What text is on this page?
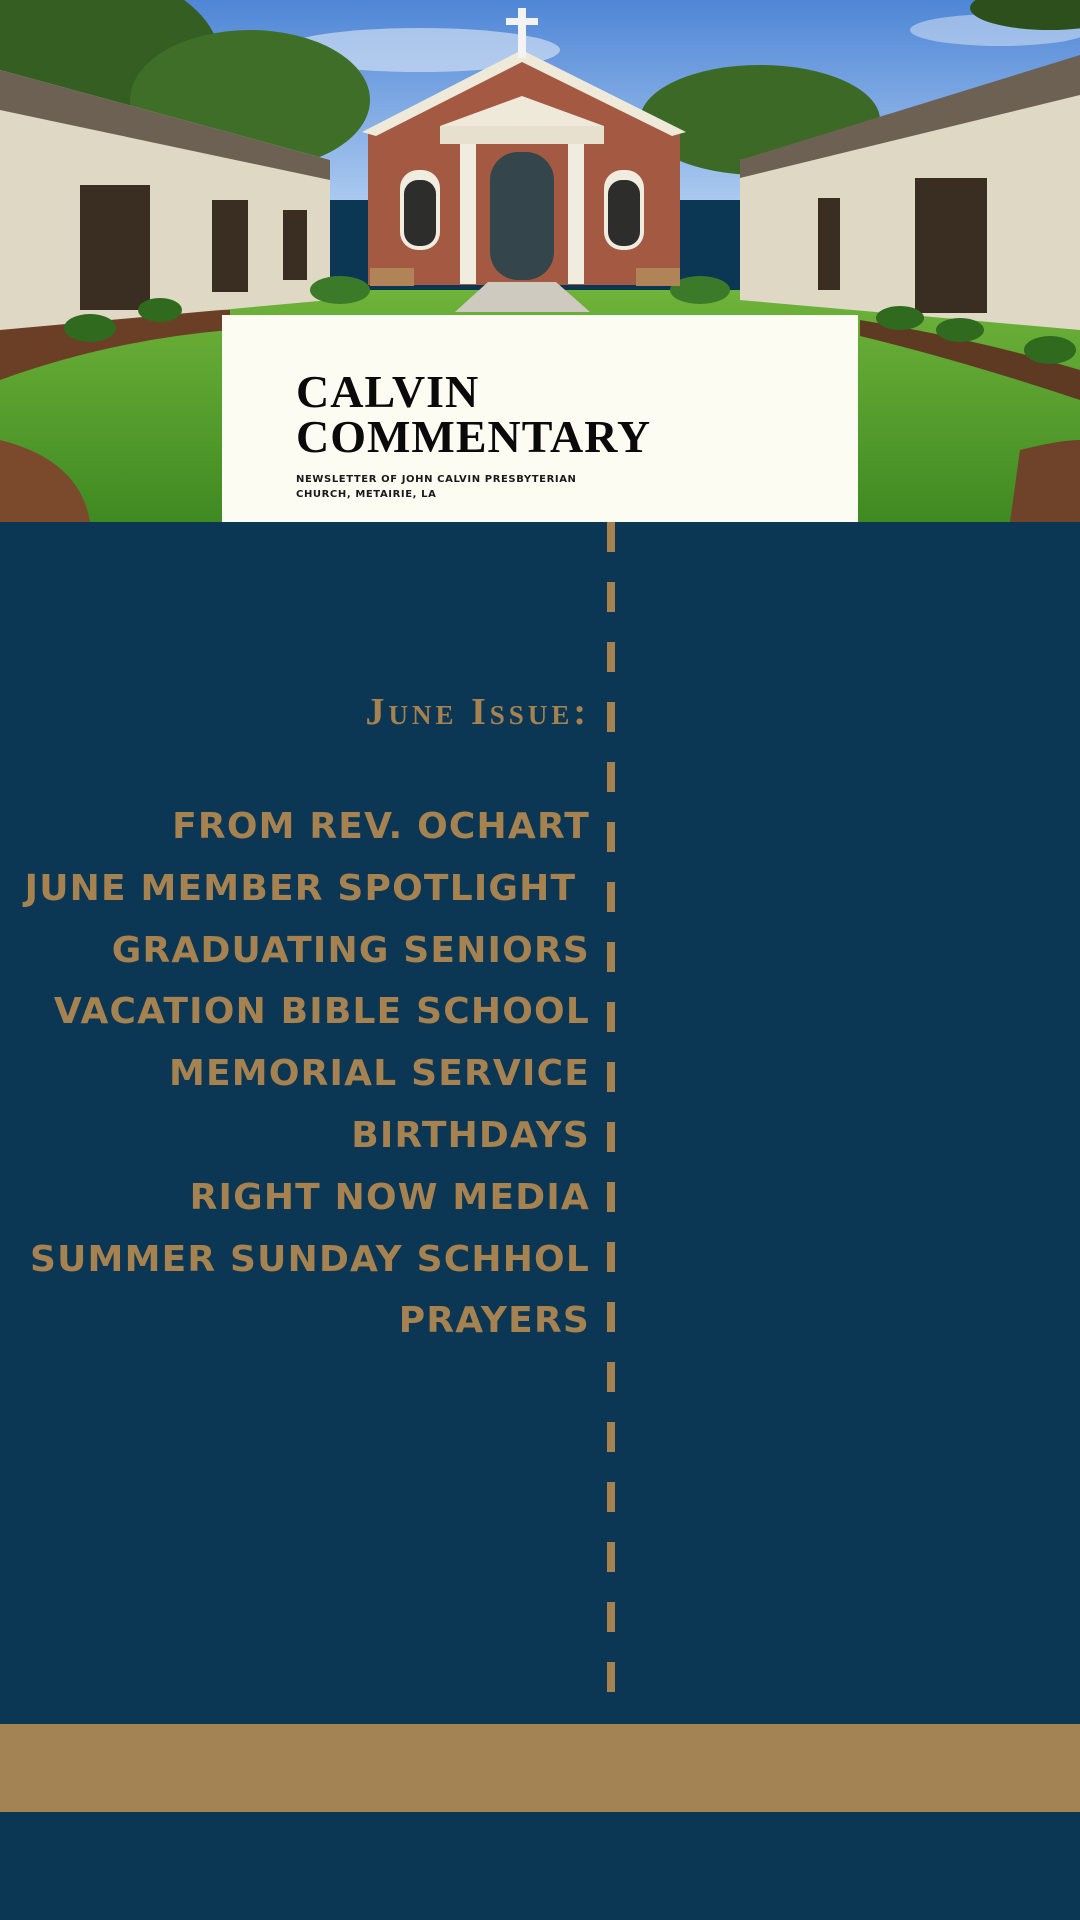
CALVIN
COMMENTARY

NEWSLETTER OF JOHN CALVIN PRESBYTERIAN CHURCH, METAIRIE, LA

June Issue:
FROM REV. OCHART
JUNE MEMBER SPOTLIGHT
GRADUATING SENIORS
VACATION BIBLE SCHOOL
MEMORIAL SERVICE
BIRTHDAYS
RIGHT NOW MEDIA
SUMMER SUNDAY SCHHOL
PRAYERS
